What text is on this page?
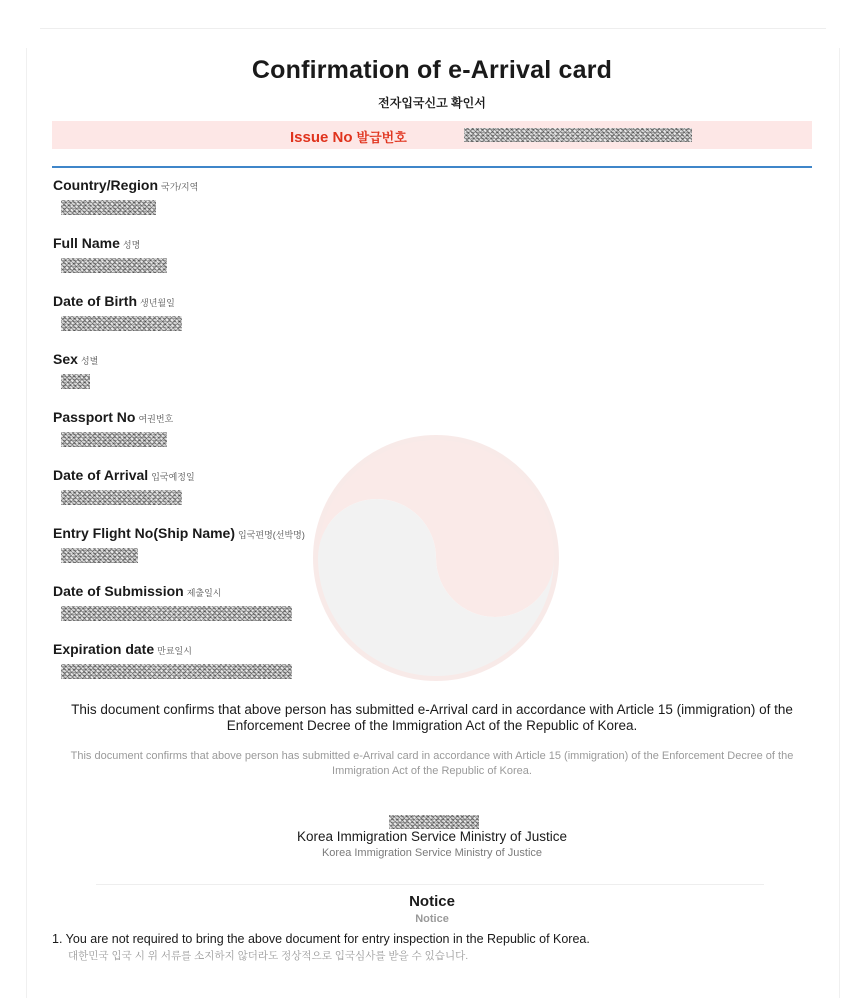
Confirmation of e-Arrival card
전자입국신고 확인서
Issue No 발급번호
Country/Region 국가/지역
Full Name 성명
Date of Birth 생년월일
Sex 성별
Passport No 여권번호
Date of Arrival 입국예정일
Entry Flight No(Ship Name) 입국편명(선박명)
Date of Submission 제출일시
Expiration date 만료일시
This document confirms that above person has submitted e-Arrival card in accordance with Article 15 (immigration) of the Enforcement Decree of the Immigration Act of the Republic of Korea.
This document confirms that above person has submitted e-Arrival card in accordance with Article 15 (immigration) of the Enforcement Decree of the Immigration Act of the Republic of Korea.
Korea Immigration Service Ministry of Justice
Korea Immigration Service Ministry of Justice
Notice
Notice
1. You are not required to bring the above document for entry inspection in the Republic of Korea.
대한민국 입국 시 위 서류를 소지하지 않더라도 정상적으로 입국심사를 받을 수 있습니다.
